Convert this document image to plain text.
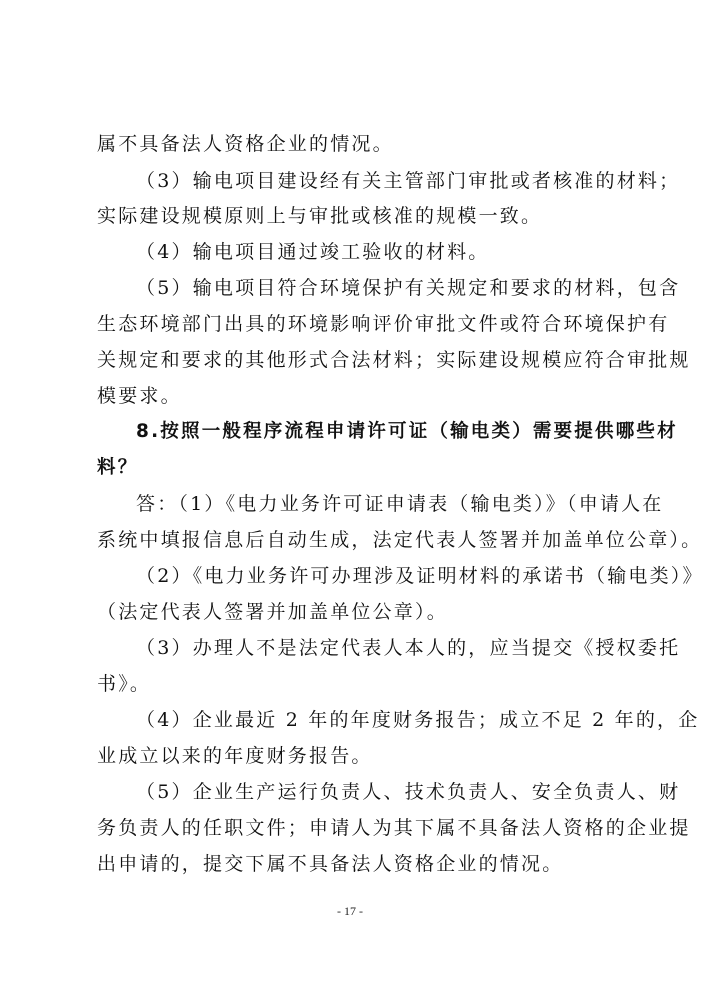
属不具备法人资格企业的情况。
（3）输电项目建设经有关主管部门审批或者核准的材料；
实际建设规模原则上与审批或核准的规模一致。
（4）输电项目通过竣工验收的材料。
（5）输电项目符合环境保护有关规定和要求的材料，包含
生态环境部门出具的环境影响评价审批文件或符合环境保护有
关规定和要求的其他形式合法材料；实际建设规模应符合审批规
模要求。
8.按照一般程序流程申请许可证（输电类）需要提供哪些材
料？
答：（1）《电力业务许可证申请表（输电类）》（申请人在
系统中填报信息后自动生成，法定代表人签署并加盖单位公章）。
（2）《电力业务许可办理涉及证明材料的承诺书（输电类）》
（法定代表人签署并加盖单位公章）。
（3）办理人不是法定代表人本人的，应当提交《授权委托
书》。
（4）企业最近 2 年的年度财务报告；成立不足 2 年的，企
业成立以来的年度财务报告。
（5）企业生产运行负责人、技术负责人、安全负责人、财
务负责人的任职文件；申请人为其下属不具备法人资格的企业提
出申请的，提交下属不具备法人资格企业的情况。
- 17 -
